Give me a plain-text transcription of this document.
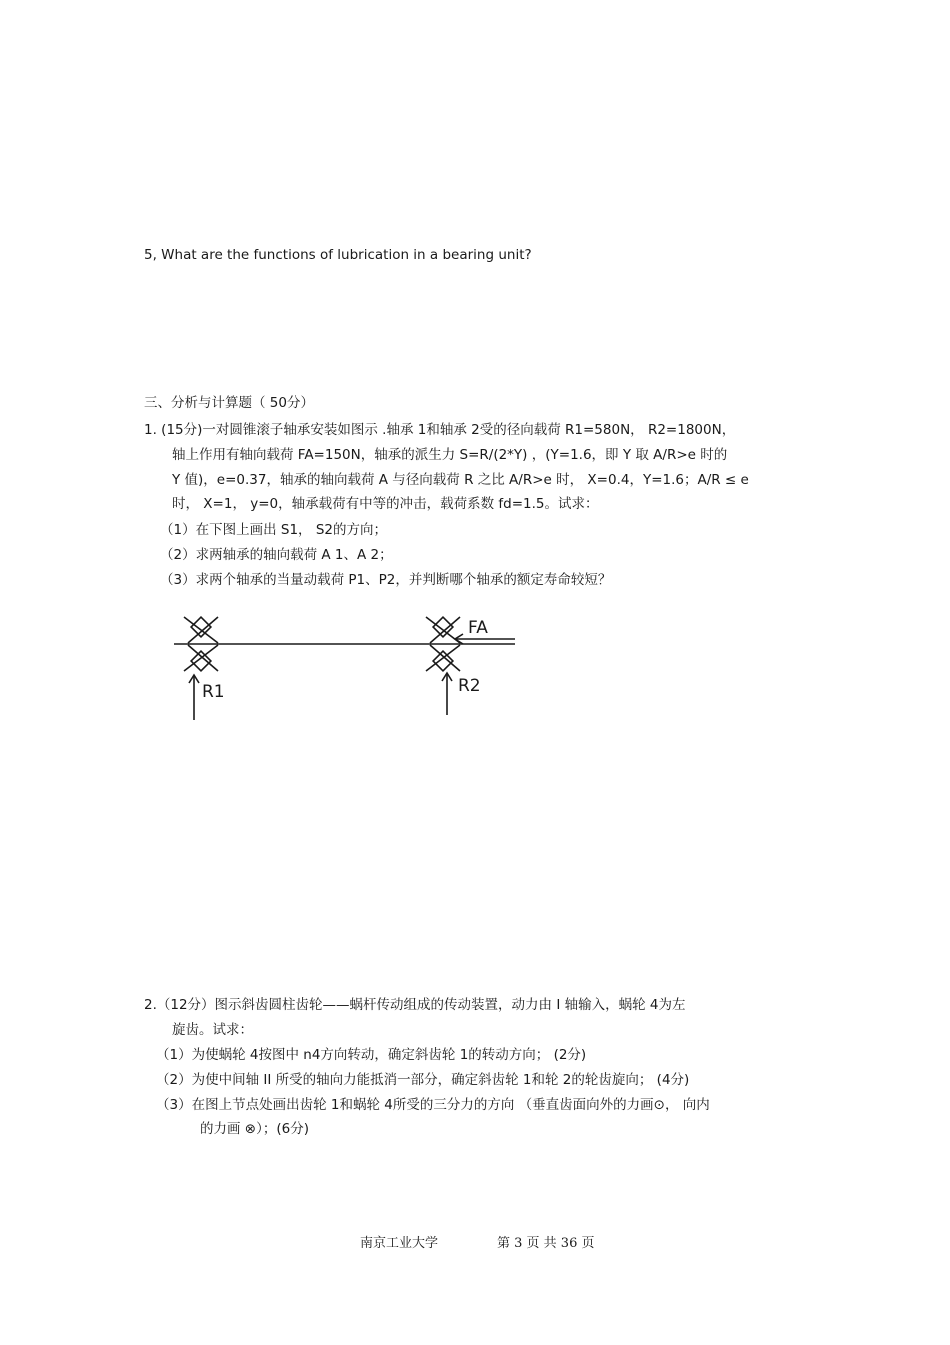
5, What are the functions of lubrication in a bearing unit?
三、分析与计算题（ 50分）
1. (15分)一对圆锥滚子轴承安装如图示 .轴承 1和轴承 2受的径向载荷 R1=580N， R2=1800N，
轴上作用有轴向载荷 FA=150N，轴承的派生力 S=R/(2*Y) ，(Y=1.6，即 Y 取 A/R>e 时的
Y 值)，e=0.37，轴承的轴向载荷 A 与径向载荷 R 之比 A/R>e 时， X=0.4，Y=1.6；A/R ≤ e
时， X=1， y=0，轴承载荷有中等的冲击，载荷系数 fd=1.5。试求：
（1）在下图上画出 S1， S2的方向；
（2）求两轴承的轴向载荷 A 1、A 2；
（3）求两个轴承的当量动载荷 P1、P2，并判断哪个轴承的额定寿命较短？
FA
R1	R2
2.（12分）图示斜齿圆柱齿轮——蜗杆传动组成的传动装置，动力由 I 轴输入，蜗轮 4为左
旋齿。试求：
（1）为使蜗轮 4按图中 n4方向转动，确定斜齿轮 1的转动方向； (2分)
（2）为使中间轴 II 所受的轴向力能抵消一部分，确定斜齿轮 1和轮 2的轮齿旋向； (4分)
（3）在图上节点处画出齿轮 1和蜗轮 4所受的三分力的方向 （垂直齿面向外的力画⊙， 向内
的力画 ⊗）；(6分)
南京工业大学	第 3 页 共 36 页
